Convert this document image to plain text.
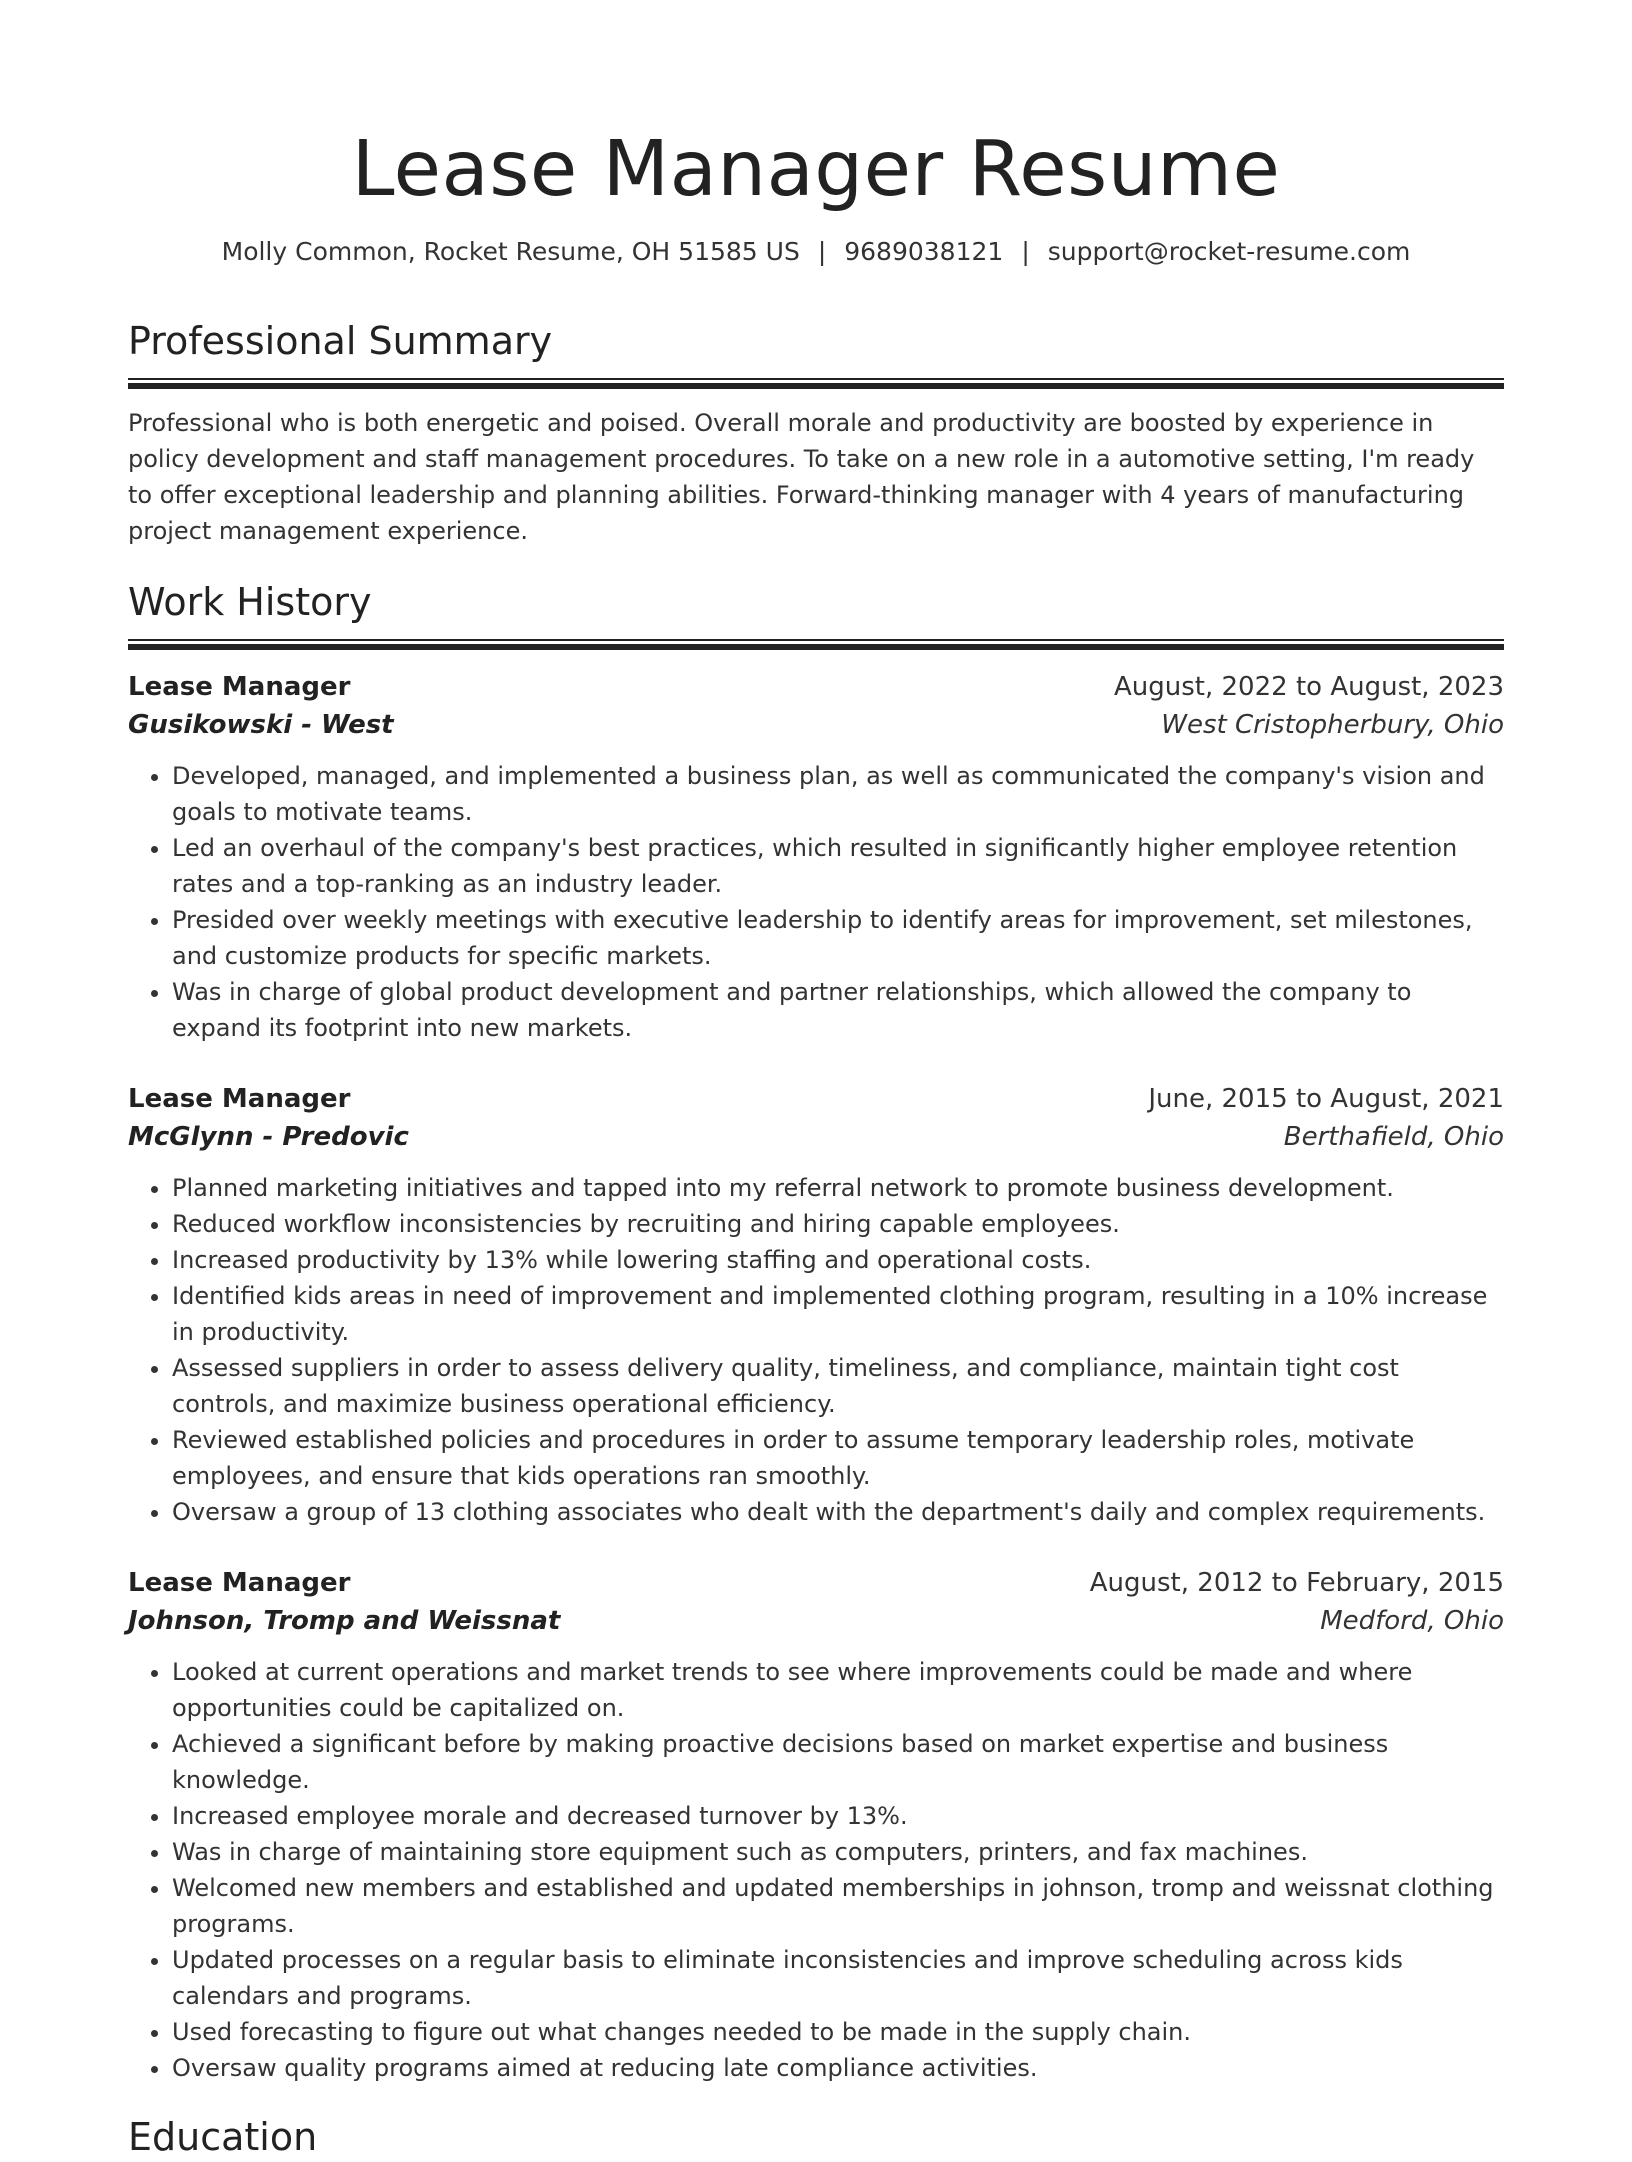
Lease Manager Resume
Molly Common, Rocket Resume, OH 51585 US | 9689038121 | support@rocket-resume.com
Professional Summary

Professional who is both energetic and poised. Overall morale and productivity are boosted by experience in policy development and staff management procedures. To take on a new role in a automotive setting, I'm ready to offer exceptional leadership and planning abilities. Forward-thinking manager with 4 years of manufacturing project management experience.

Work History
Lease Manager	August, 2022 to August, 2023
Gusikowski - West	West Cristopherbury, Ohio
• Developed, managed, and implemented a business plan, as well as communicated the company's vision and goals to motivate teams.
• Led an overhaul of the company's best practices, which resulted in significantly higher employee retention rates and a top-ranking as an industry leader.
• Presided over weekly meetings with executive leadership to identify areas for improvement, set milestones, and customize products for specific markets.
• Was in charge of global product development and partner relationships, which allowed the company to expand its footprint into new markets.
Lease Manager	June, 2015 to August, 2021
McGlynn - Predovic	Berthafield, Ohio
• Planned marketing initiatives and tapped into my referral network to promote business development.
• Reduced workflow inconsistencies by recruiting and hiring capable employees.
• Increased productivity by 13% while lowering staffing and operational costs.
• Identified kids areas in need of improvement and implemented clothing program, resulting in a 10% increase in productivity.
• Assessed suppliers in order to assess delivery quality, timeliness, and compliance, maintain tight cost controls, and maximize business operational efficiency.
• Reviewed established policies and procedures in order to assume temporary leadership roles, motivate employees, and ensure that kids operations ran smoothly.
• Oversaw a group of 13 clothing associates who dealt with the department's daily and complex requirements.
Lease Manager	August, 2012 to February, 2015
Johnson, Tromp and Weissnat	Medford, Ohio
• Looked at current operations and market trends to see where improvements could be made and where opportunities could be capitalized on.
• Achieved a significant before by making proactive decisions based on market expertise and business knowledge.
• Increased employee morale and decreased turnover by 13%.
• Was in charge of maintaining store equipment such as computers, printers, and fax machines.
• Welcomed new members and established and updated memberships in johnson, tromp and weissnat clothing programs.
• Updated processes on a regular basis to eliminate inconsistencies and improve scheduling across kids calendars and programs.
• Used forecasting to figure out what changes needed to be made in the supply chain.
• Oversaw quality programs aimed at reducing late compliance activities.
Education
